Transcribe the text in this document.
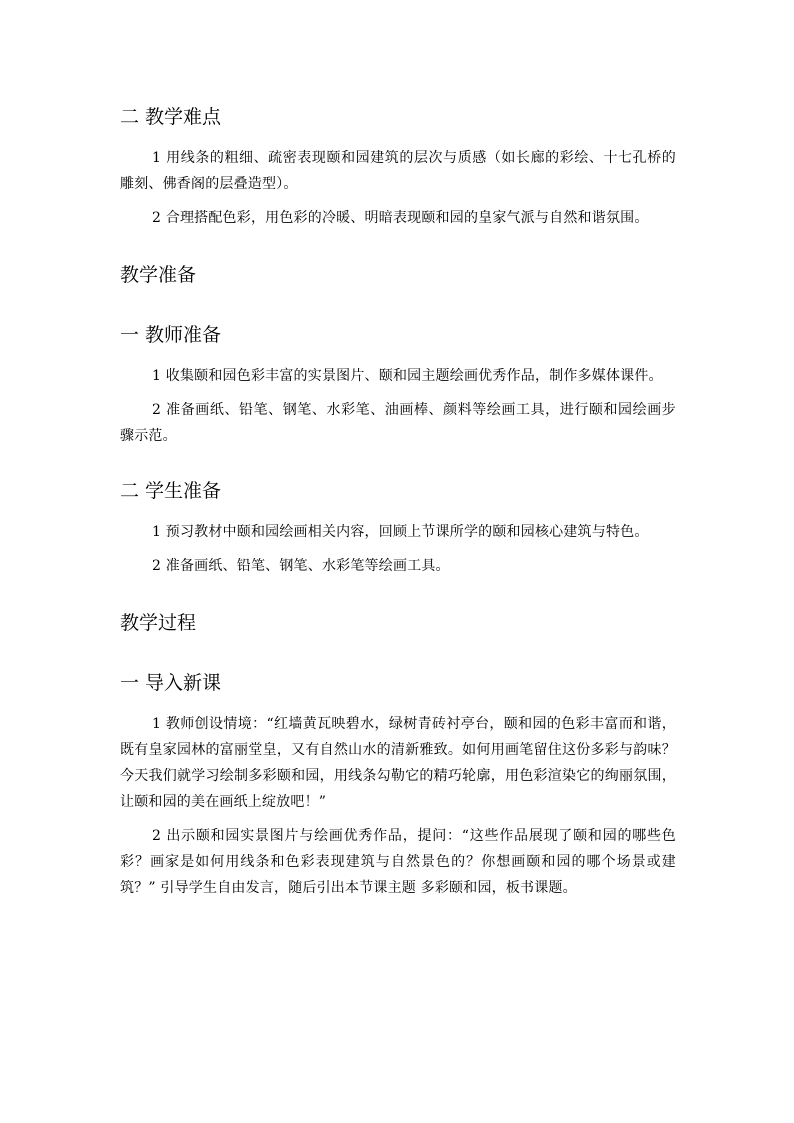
二 教学难点

1 用线条的粗细、疏密表现颐和园建筑的层次与质感（如长廊的彩绘、十七孔桥的雕刻、佛香阁的层叠造型）。

2 合理搭配色彩，用色彩的冷暖、明暗表现颐和园的皇家气派与自然和谐氛围。

教学准备
一 教师准备

1 收集颐和园色彩丰富的实景图片、颐和园主题绘画优秀作品，制作多媒体课件。

2 准备画纸、铅笔、钢笔、水彩笔、油画棒、颜料等绘画工具，进行颐和园绘画步骤示范。

二 学生准备

1 预习教材中颐和园绘画相关内容，回顾上节课所学的颐和园核心建筑与特色。

2 准备画纸、铅笔、钢笔、水彩笔等绘画工具。

教学过程
一 导入新课

1 教师创设情境：“红墙黄瓦映碧水，绿树青砖衬亭台，颐和园的色彩丰富而和谐，既有皇家园林的富丽堂皇，又有自然山水的清新雅致。如何用画笔留住这份多彩与韵味？今天我们就学习绘制多彩颐和园，用线条勾勒它的精巧轮廓，用色彩渲染它的绚丽氛围，让颐和园的美在画纸上绽放吧！”

2 出示颐和园实景图片与绘画优秀作品，提问：“这些作品展现了颐和园的哪些色彩？画家是如何用线条和色彩表现建筑与自然景色的？你想画颐和园的哪个场景或建筑？” 引导学生自由发言，随后引出本节课主题 多彩颐和园，板书课题。
